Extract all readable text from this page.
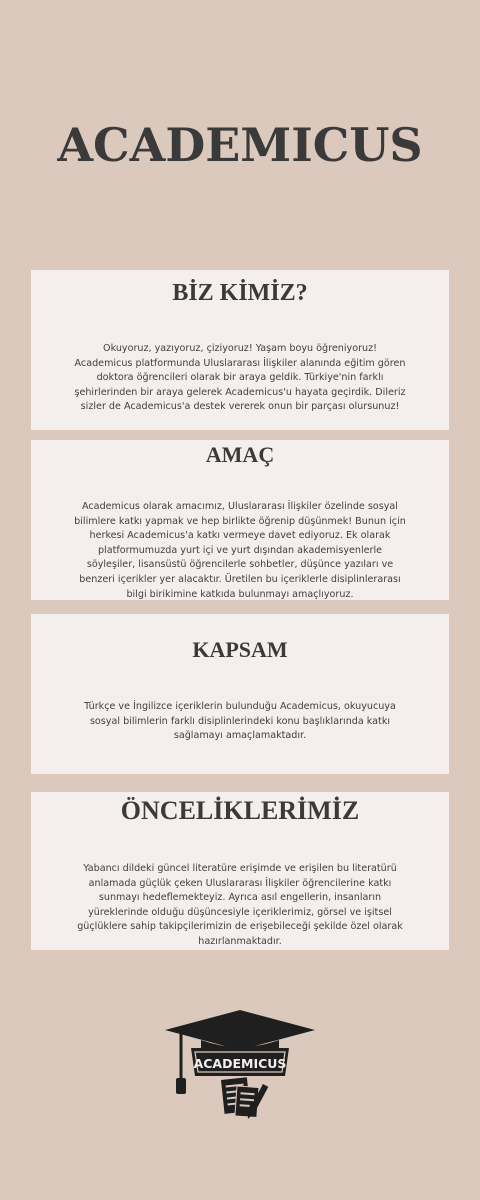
ACADEMICUS
BİZ KİMİZ?

Okuyoruz, yazıyoruz, çiziyoruz! Yaşam boyu öğreniyoruz! Academicus platformunda Uluslararası İlişkiler alanında eğitim gören doktora öğrencileri olarak bir araya geldik. Türkiye'nin farklı şehirlerinden bir araya gelerek Academicus'u hayata geçirdik. Dileriz sizler de Academicus'a destek vererek onun bir parçası olursunuz!

AMAÇ

Academicus olarak amacımız, Uluslararası İlişkiler özelinde sosyal bilimlere katkı yapmak ve hep birlikte öğrenip düşünmek! Bunun için herkesi Academicus'a katkı vermeye davet ediyoruz. Ek olarak platformumuzda yurt içi ve yurt dışından akademisyenlerle söyleşiler, lisansüstü öğrencilerle sohbetler, düşünce yazıları ve benzeri içerikler yer alacaktır. Üretilen bu içeriklerle disiplinlerarası bilgi birikimine katkıda bulunmayı amaçlıyoruz.

KAPSAM

Türkçe ve İngilizce içeriklerin bulunduğu Academicus, okuyucuya sosyal bilimlerin farklı disiplinlerindeki konu başlıklarında katkı sağlamayı amaçlamaktadır.

ÖNCELİKLERİMİZ

Yabancı dildeki güncel literatüre erişimde ve erişilen bu literatürü anlamada güçlük çeken Uluslararası İlişkiler öğrencilerine katkı sunmayı hedeflemekteyiz. Ayrıca asıl engellerin, insanların yüreklerinde olduğu düşüncesiyle içeriklerimiz, görsel ve işitsel güçlüklere sahip takipçilerimizin de erişebileceği şekilde özel olarak hazırlanmaktadır.

ACADEMICUS
